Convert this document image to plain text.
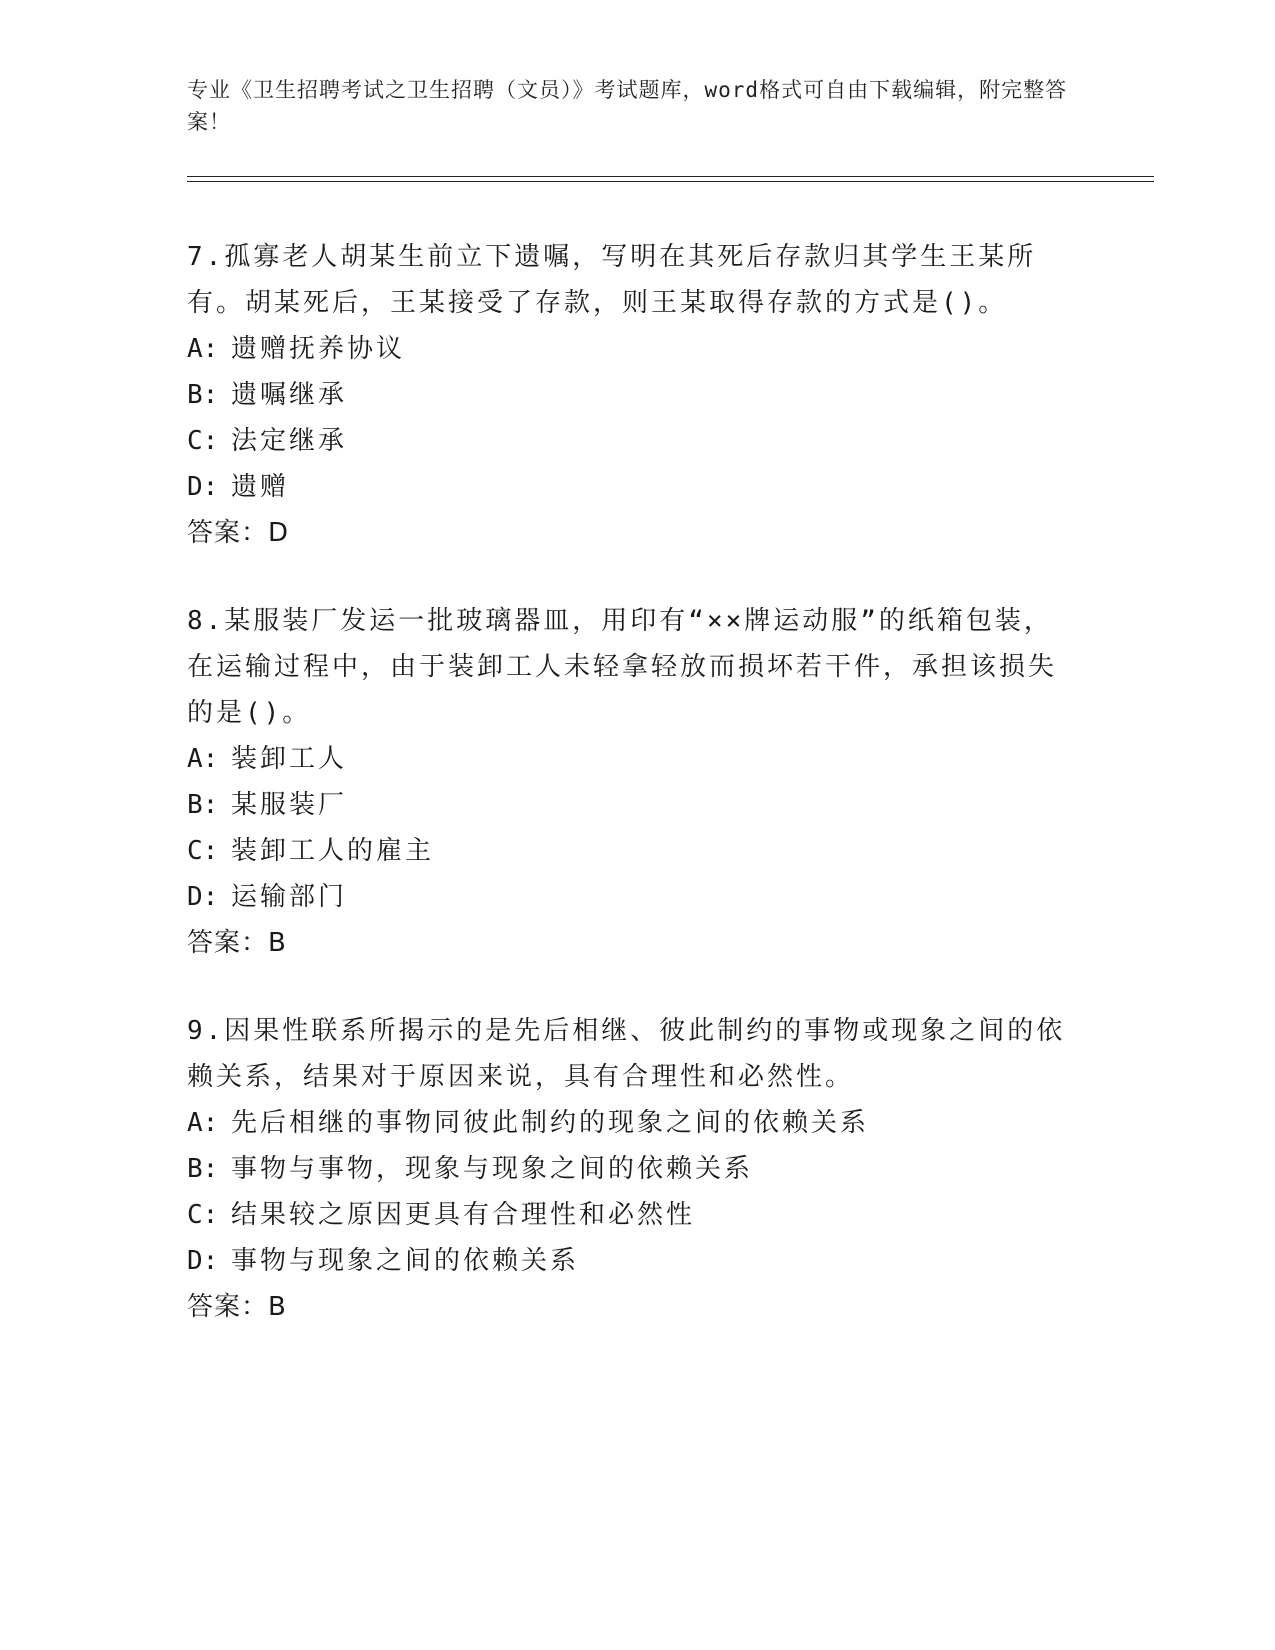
专业《卫生招聘考试之卫生招聘（文员）》考试题库，word格式可自由下载编辑，附完整答案！

7.孤寡老人胡某生前立下遗嘱，写明在其死后存款归其学生王某所有。胡某死后，王某接受了存款，则王某取得存款的方式是()。

A: 遗赠抚养协议

B: 遗嘱继承

C: 法定继承

D: 遗赠

答案：D

8.某服装厂发运一批玻璃器皿，用印有“××牌运动服”的纸箱包装，在运输过程中，由于装卸工人未轻拿轻放而损坏若干件，承担该损失的是()。

A: 装卸工人

B: 某服装厂

C: 装卸工人的雇主

D: 运输部门

答案：B

9.因果性联系所揭示的是先后相继、彼此制约的事物或现象之间的依赖关系，结果对于原因来说，具有合理性和必然性。

A: 先后相继的事物同彼此制约的现象之间的依赖关系

B: 事物与事物，现象与现象之间的依赖关系

C: 结果较之原因更具有合理性和必然性

D: 事物与现象之间的依赖关系

答案：B
